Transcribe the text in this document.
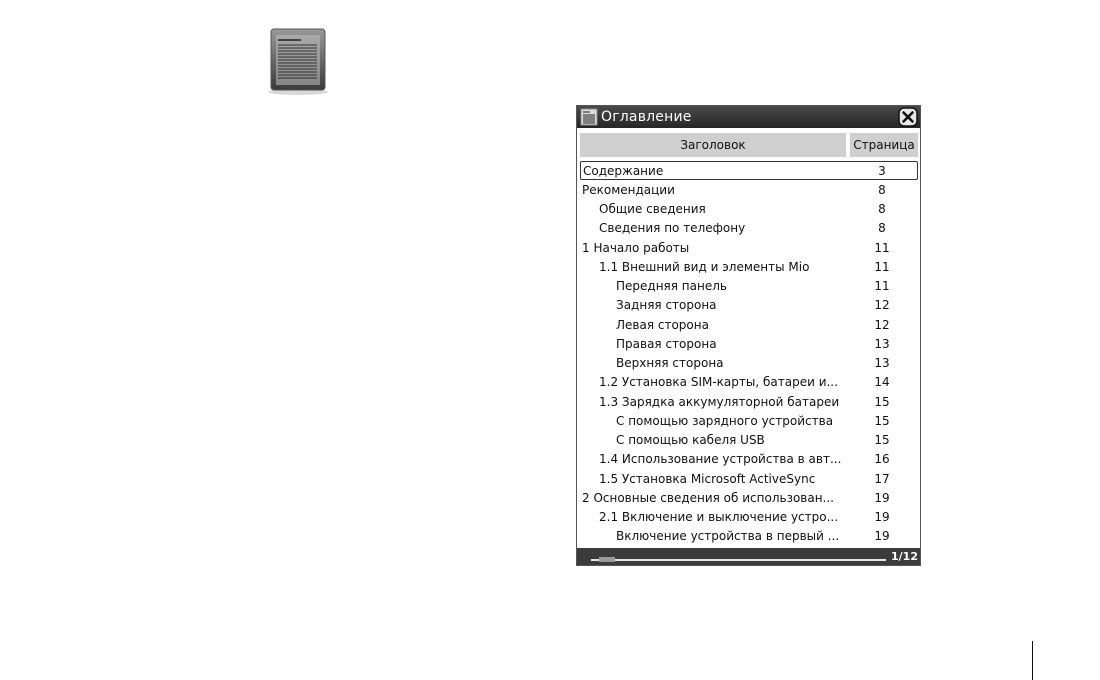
Оглавление
Заголовок	Страница
Содержание	3
Рекомендации	8
Общие сведения	8
Сведения по телефону	8
1 Начало работы	11
1.1 Внешний вид и элементы Mio	11
Передняя панель	11
Задняя сторона	12
Левая сторона	12
Правая сторона	13
Верхняя сторона	13
1.2 Установка SIM-карты, батареи и...	14
1.3 Зарядка аккумуляторной батареи	15
С помощью зарядного устройства	15
С помощью кабеля USB	15
1.4 Использование устройства в авт...	16
1.5 Установка Microsoft ActiveSync	17
2 Основные сведения об использован...	19
2.1 Включение и выключение устро...	19
Включение устройства в первый ...	19
1/12
